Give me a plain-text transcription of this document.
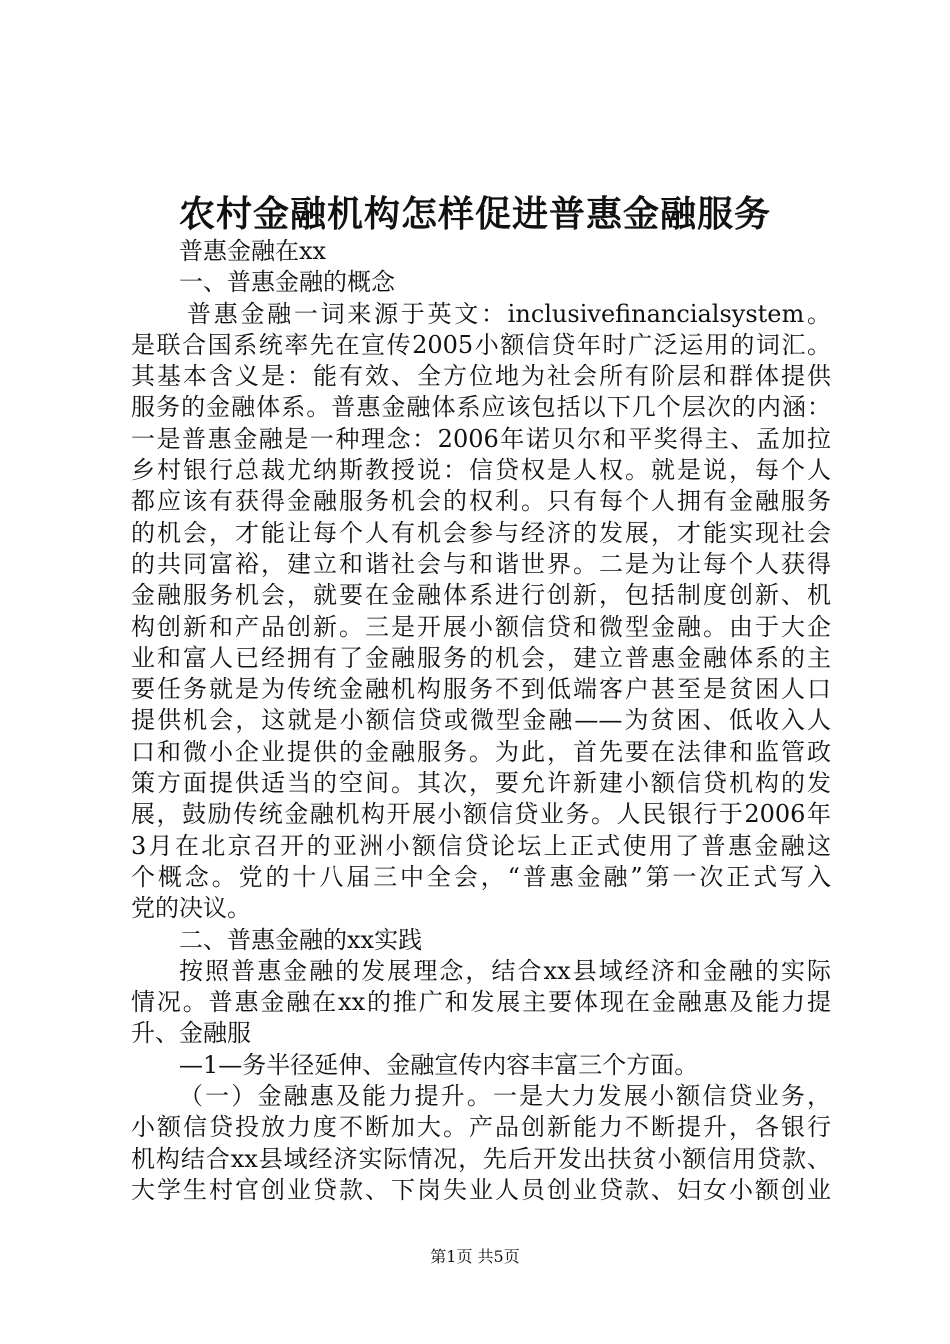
农村金融机构怎样促进普惠金融服务
普惠金融在xx
一、普惠金融的概念
普惠金融一词来源于英文：inclusivefinancialsystem。
是联合国系统率先在宣传2005小额信贷年时广泛运用的词汇。
其基本含义是：能有效、全方位地为社会所有阶层和群体提供
服务的金融体系。普惠金融体系应该包括以下几个层次的内涵：
一是普惠金融是一种理念：2006年诺贝尔和平奖得主、孟加拉
乡村银行总裁尤纳斯教授说：信贷权是人权。就是说，每个人
都应该有获得金融服务机会的权利。只有每个人拥有金融服务
的机会，才能让每个人有机会参与经济的发展，才能实现社会
的共同富裕，建立和谐社会与和谐世界。二是为让每个人获得
金融服务机会，就要在金融体系进行创新，包括制度创新、机
构创新和产品创新。三是开展小额信贷和微型金融。由于大企
业和富人已经拥有了金融服务的机会，建立普惠金融体系的主
要任务就是为传统金融机构服务不到低端客户甚至是贫困人口
提供机会，这就是小额信贷或微型金融——为贫困、低收入人
口和微小企业提供的金融服务。为此，首先要在法律和监管政
策方面提供适当的空间。其次，要允许新建小额信贷机构的发
展，鼓励传统金融机构开展小额信贷业务。人民银行于2006年
3月在北京召开的亚洲小额信贷论坛上正式使用了普惠金融这
个概念。党的十八届三中全会，“普惠金融”第一次正式写入
党的决议。
二、普惠金融的xx实践
按照普惠金融的发展理念，结合xx县域经济和金融的实际
情况。普惠金融在xx的推广和发展主要体现在金融惠及能力提
升、金融服
—1—务半径延伸、金融宣传内容丰富三个方面。
（一）金融惠及能力提升。一是大力发展小额信贷业务，
小额信贷投放力度不断加大。产品创新能力不断提升，各银行
机构结合xx县域经济实际情况，先后开发出扶贫小额信用贷款、
大学生村官创业贷款、下岗失业人员创业贷款、妇女小额创业
第1页 共5页
